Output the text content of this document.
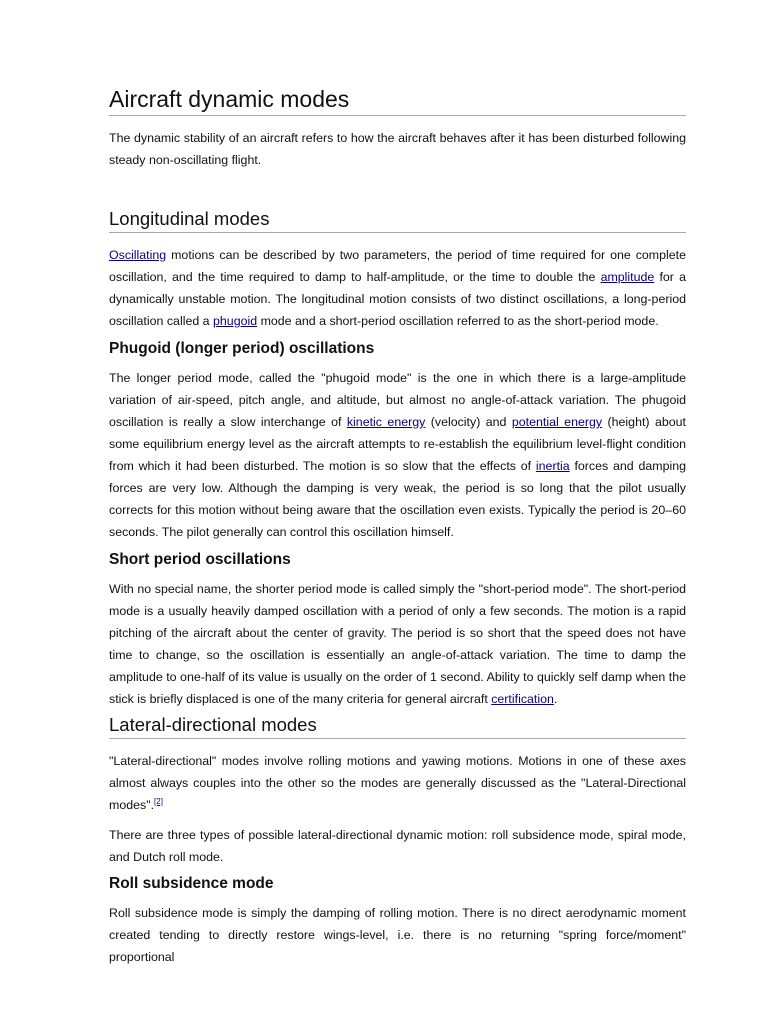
Aircraft dynamic modes

The dynamic stability of an aircraft refers to how the aircraft behaves after it has been disturbed following steady non-oscillating flight.

Longitudinal modes

Oscillating motions can be described by two parameters, the period of time required for one complete oscillation, and the time required to damp to half-amplitude, or the time to double the amplitude for a dynamically unstable motion. The longitudinal motion consists of two distinct oscillations, a long-period oscillation called a phugoid mode and a short-period oscillation referred to as the short-period mode.

Phugoid (longer period) oscillations

The longer period mode, called the "phugoid mode" is the one in which there is a large-amplitude variation of air-speed, pitch angle, and altitude, but almost no angle-of-attack variation. The phugoid oscillation is really a slow interchange of kinetic energy (velocity) and potential energy (height) about some equilibrium energy level as the aircraft attempts to re-establish the equilibrium level-flight condition from which it had been disturbed. The motion is so slow that the effects of inertia forces and damping forces are very low. Although the damping is very weak, the period is so long that the pilot usually corrects for this motion without being aware that the oscillation even exists. Typically the period is 20–60 seconds. The pilot generally can control this oscillation himself.

Short period oscillations

With no special name, the shorter period mode is called simply the "short-period mode". The short-period mode is a usually heavily damped oscillation with a period of only a few seconds. The motion is a rapid pitching of the aircraft about the center of gravity. The period is so short that the speed does not have time to change, so the oscillation is essentially an angle-of-attack variation. The time to damp the amplitude to one-half of its value is usually on the order of 1 second. Ability to quickly self damp when the stick is briefly displaced is one of the many criteria for general aircraft certification.

Lateral-directional modes

"Lateral-directional" modes involve rolling motions and yawing motions. Motions in one of these axes almost always couples into the other so the modes are generally discussed as the "Lateral-Directional modes".[2]

There are three types of possible lateral-directional dynamic motion: roll subsidence mode, spiral mode, and Dutch roll mode.

Roll subsidence mode

Roll subsidence mode is simply the damping of rolling motion. There is no direct aerodynamic moment created tending to directly restore wings-level, i.e. there is no returning "spring force/moment" proportional
